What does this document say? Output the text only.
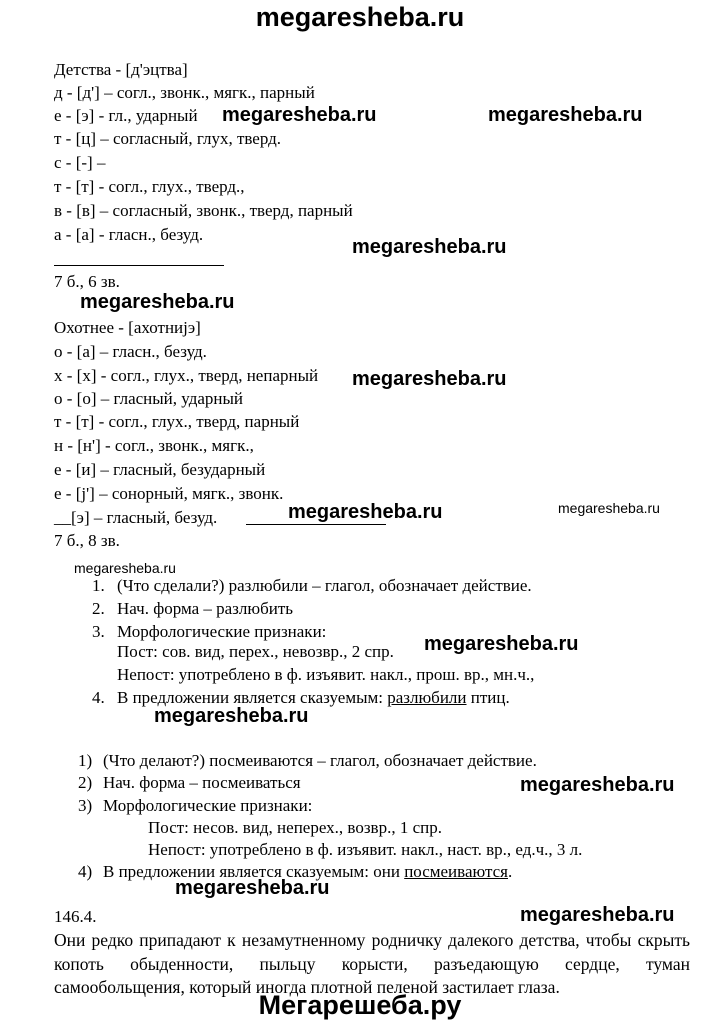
megaresheba.ru
Мегарешеба.ру
Детства - [д'эцтва]
д - [д'] – согл., звонк., мягк., парный
е - [э] - гл., ударный
т - [ц] – согласный, глух, тверд.
с - [-] –
т - [т] - согл., глух., тверд.,
в - [в] – согласный, звонк., тверд, парный
а - [а] - гласн., безуд.
7 б., 6 зв.
Охотнее - [ахотнијэ]
о - [а] – гласн., безуд.
х - [х] - согл., глух., тверд, непарный
о - [о] – гласный, ударный
т - [т] - согл., глух., тверд, парный
н - [н'] - согл., звонк., мягк.,
е - [и] – гласный, безударный
е - [j'] – сонорный, мягк., звонк.
__[э] – гласный, безуд.
7 б., 8 зв.
1. (Что сделали?) разлюбили – глагол, обозначает действие.
2. Нач. форма – разлюбить
3. Морфологические признаки:
Пост: сов. вид, перех., невозвр., 2 спр.
Непост: употреблено в ф. изъявит. накл., прош. вр., мн.ч.,
4. В предложении является сказуемым: разлюбили птиц.
1) (Что делают?) посмеиваются – глагол, обозначает действие.
2) Нач. форма – посмеиваться
3) Морфологические признаки:
Пост: несов. вид, неперех., возвр., 1 спр.
Непост: употреблено в ф. изъявит. накл., наст. вр., ед.ч., 3 л.
4) В предложении является сказуемым: они посмеиваются.
146.4.
Они редко припадают к незамутненному родничку далекого детства, чтобы скрыть копоть обыденности, пыльцу корысти, разъедающую сердце, туман самообольщения, который иногда плотной пеленой застилает глаза.
megaresheba.ru	megaresheba.ru
megaresheba.ru
megaresheba.ru
megaresheba.ru
megaresheba.ru	megaresheba.ru
megaresheba.ru
megaresheba.ru
megaresheba.ru
megaresheba.ru
megaresheba.ru
megaresheba.ru
